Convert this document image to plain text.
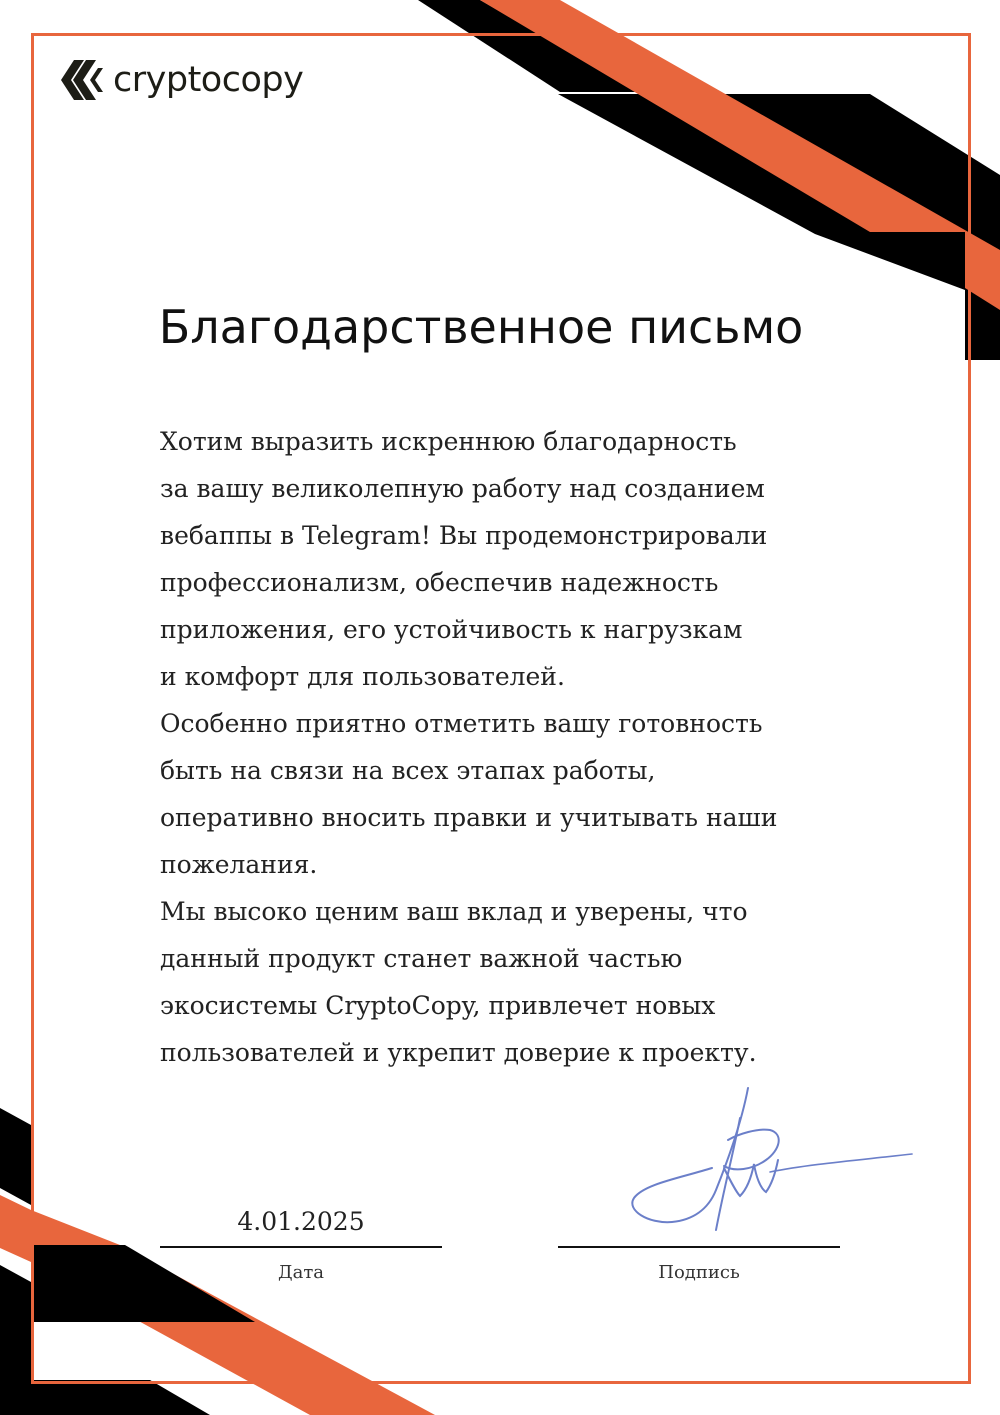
cryptocopy
Благодарственное письмо
Хотим выразить искреннюю благодарность
за вашу великолепную работу над созданием
вебаппы в Telegram! Вы продемонстрировали
профессионализм, обеспечив надежность
приложения, его устойчивость к нагрузкам
и комфорт для пользователей.
Особенно приятно отметить вашу готовность
быть на связи на всех этапах работы,
оперативно вносить правки и учитывать наши
пожелания.
Мы высоко ценим ваш вклад и уверены, что
данный продукт станет важной частью
экосистемы CryptoCopy, привлечет новых
пользователей и укрепит доверие к проекту.
4.01.2025
Дата	Подпись
